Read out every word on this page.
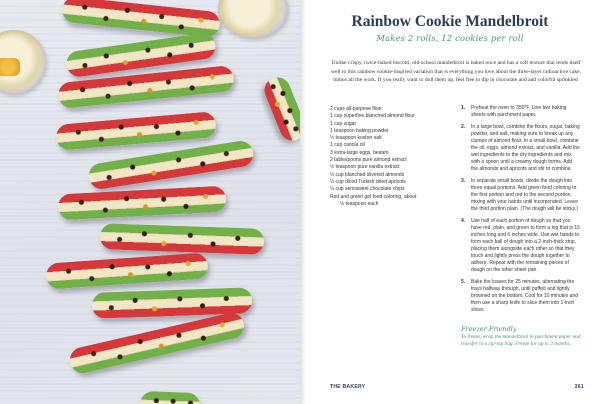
Rainbow Cookie Mandelbroit
Makes 2 rolls, 12 cookies per roll

Unlike crispy, twice-baked biscotti, old-school mandelbroit is baked once and has a soft texture that lends itself well to this rainbow cookie-inspired variation that is everything you love about the three-layer radioactive cake, minus all the work. If you really want to doll them up, feel free to dip in chocolate and add colorful sprinkles!

2 cups all-purpose flour
1 cup superfine blanched almond flour
1 cup sugar
1 teaspoon baking powder
½ teaspoon kosher salt
1 cup canola oil
3 extra-large eggs, beaten
2 tablespoons pure almond extract
½ teaspoon pure vanilla extract
½ cup blanched slivered almonds
½ cup diced Turkish dried apricots
½ cup semisweet chocolate chips
Red and green gel food coloring, about
½ teaspoon each
1. Preheat the oven to 350°F. Line two baking sheets with parchment paper.
2. In a large bowl, combine the flours, sugar, baking powder, and salt, making sure to break up any clumps of almond flour. In a small bowl, combine the oil, eggs, almond extract, and vanilla. Add the wet ingredients to the dry ingredients and mix with a spoon until a creamy dough forms. Add the almonds and apricots and stir to combine.
3. In separate small bowls, divide the dough into three equal portions. Add green food coloring to the first portion and red to the second portion, mixing with your hands until incorporated. Leave the third portion plain. (The dough will be sticky.)
4. Use half of each portion of dough so that you have red, plain, and green to form a log that is 15 inches long and 6 inches wide. Use wet hands to form each ball of dough into a 2-inch-thick strip, placing them alongside each other so that they touch and lightly press the dough together to adhere. Repeat with the remaining pieces of dough on the other sheet pan.
5. Bake the loaves for 25 minutes, alternating the trays halfway through, until puffed and lightly browned on the bottom. Cool for 10 minutes and then use a sharp knife to slice them into 1-inch slices.
Freezer-Friendly
To freeze, wrap the mandelbroit in parchment paper and transfer to a zip-top bag. Freeze for up to 3 months.
THE BAKERY	261
